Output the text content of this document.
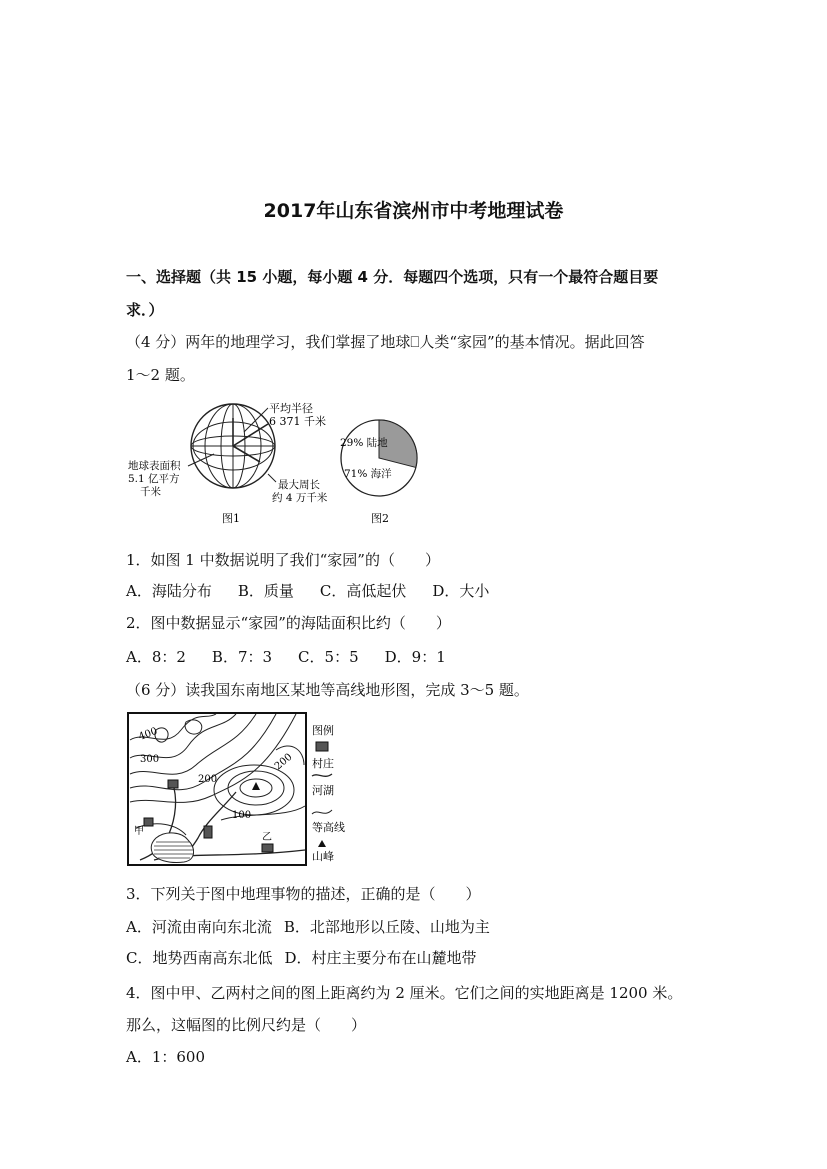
2017年山东省滨州市中考地理试卷
一、选择题（共 15 小题，每小题 4 分．每题四个选项，只有一个最符合题目要
求．）
（4 分）两年的地理学习，我们掌握了地球⎕人类“家园”的基本情况。据此回答
1～2 题。
平均半径
6 371 千米
地球表面积
5.1 亿平方
千米
最大周长
约 4 万千米
图1
29% 陆地
71% 海洋
图2
1．如图 1 中数据说明了我们“家园”的（　　）
A．海陆分布 B．质量 C．高低起伏 D．大小
2．图中数据显示“家园”的海陆面积比约（　　）
A．8：2 B．7：3 C．5：5 D．9：1
（6 分）读我国东南地区某地等高线地形图，完成 3～5 题。
400
300
200
200
100
甲
乙
图例
村庄
河湖
等高线
山峰
3．下列关于图中地理事物的描述，正确的是（　　）
A．河流由南向东北流 B．北部地形以丘陵、山地为主
C．地势西南高东北低 D．村庄主要分布在山麓地带
4．图中甲、乙两村之间的图上距离约为 2 厘米。它们之间的实地距离是 1200 米。
那么，这幅图的比例尺约是（　　）
A．1：600
